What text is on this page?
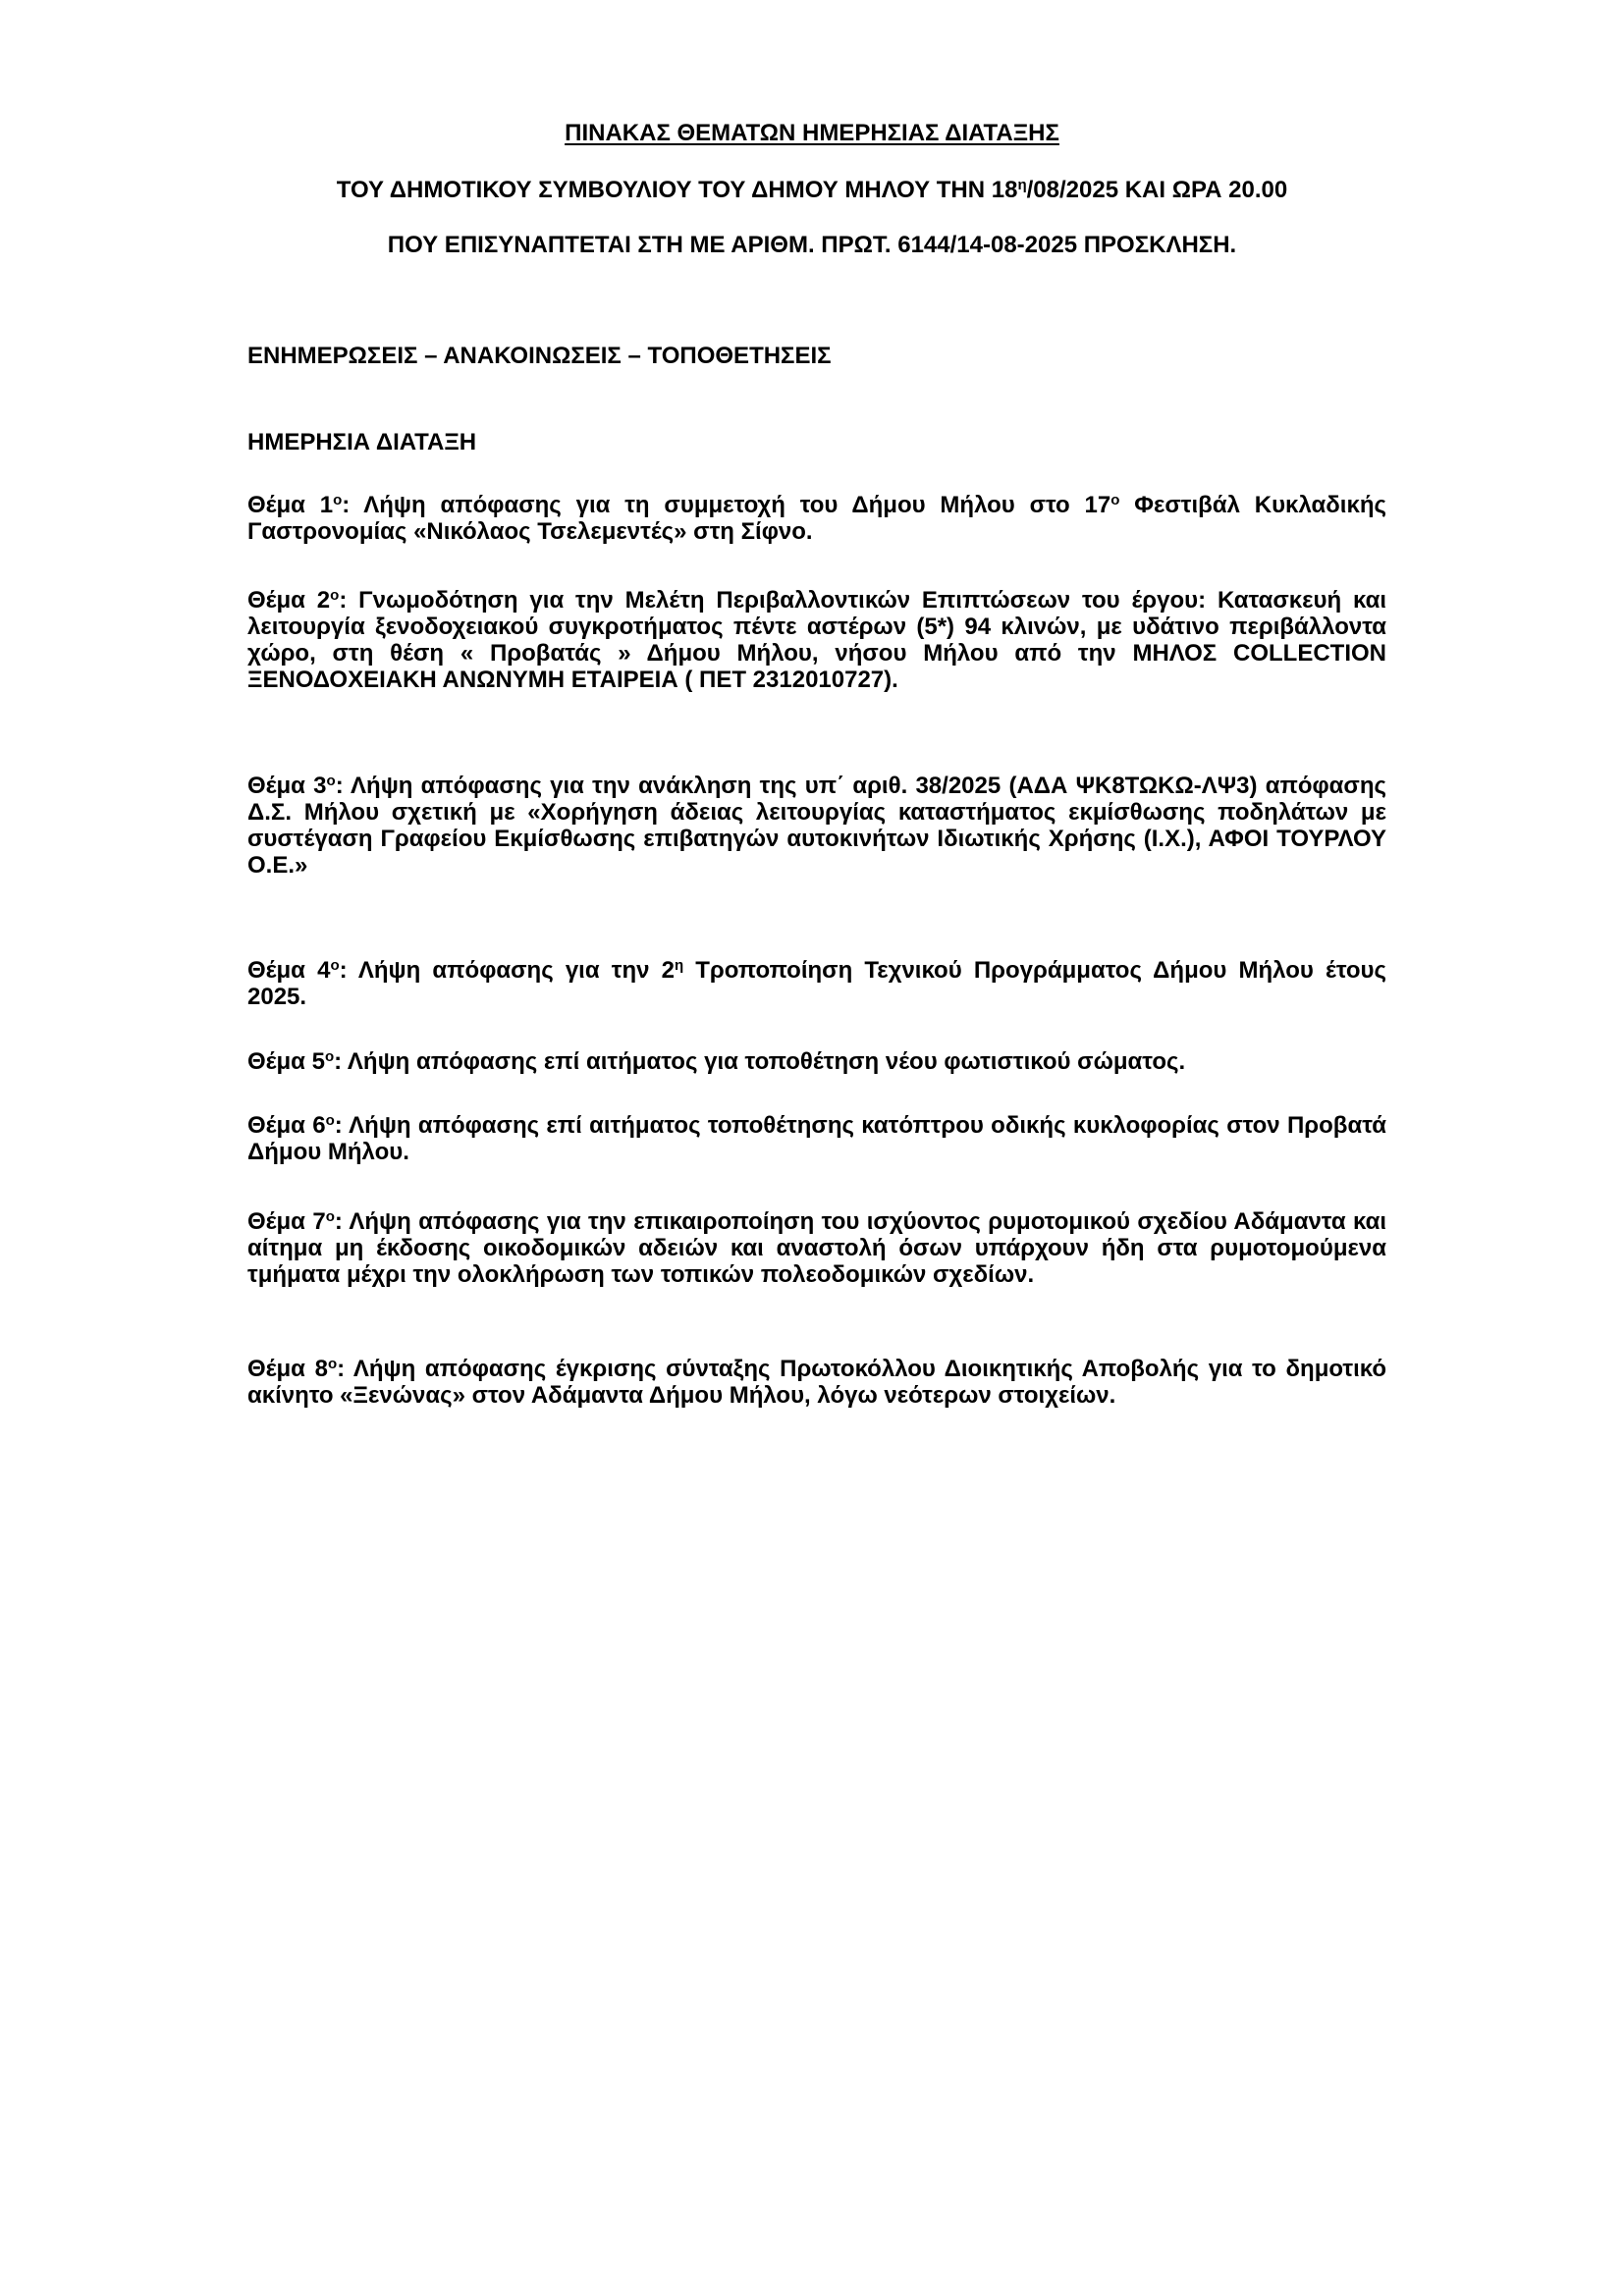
ΠΙΝΑΚΑΣ ΘΕΜΑΤΩΝ ΗΜΕΡΗΣΙΑΣ ΔΙΑΤΑΞΗΣ
ΤΟΥ ΔΗΜΟΤΙΚΟΥ ΣΥΜΒΟΥΛΙΟΥ ΤΟΥ ΔΗΜΟΥ ΜΗΛΟΥ ΤΗΝ $18^\eta/08/2025$ ΚΑΙ ΩΡΑ 20.00
ΠΟΥ ΕΠΙΣΥΝΑΠΤΕΤΑΙ ΣΤΗ ΜΕ ΑΡΙΘΜ. ΠΡΩΤ. 6144/14-08-2025 ΠΡΟΣΚΛΗΣΗ.
ΕΝΗΜΕΡΩΣΕΙΣ – ΑΝΑΚΟΙΝΩΣΕΙΣ – ΤΟΠΟΘΕΤΗΣΕΙΣ
ΗΜΕΡΗΣΙΑ ΔΙΑΤΑΞΗ
Θέμα $1^o$: Λήψη απόφασης για τη συμμετοχή του Δήμου Μήλου στο $17^o$ Φεστιβάλ Κυκλαδικής Γαστρονομίας «Νικόλαος Τσελεμεντές» στη Σίφνο.
Θέμα $2^o$: Γνωμοδότηση για την Μελέτη Περιβαλλοντικών Επιπτώσεων του έργου: Κατασκευή και λειτουργία ξενοδοχειακού συγκροτήματος πέντε αστέρων (5*) 94 κλινών, με υδάτινο περιβάλλοντα χώρο, στη θέση « Προβατάς » Δήμου Μήλου, νήσου Μήλου από την ΜΗΛΟΣ COLLECTION ΞΕΝΟΔΟΧΕΙΑΚΗ ΑΝΩΝΥΜΗ ΕΤΑΙΡΕΙΑ ( ΠΕΤ 2312010727).
Θέμα $3^o$: Λήψη απόφασης για την ανάκληση της υπ΄ αριθ. 38/2025 (ΑΔΑ ΨΚ8ΤΩΚΩ-ΛΨ3) απόφασης Δ.Σ. Μήλου σχετική με «Χορήγηση άδειας λειτουργίας καταστήματος εκμίσθωσης ποδηλάτων με συστέγαση Γραφείου Εκμίσθωσης επιβατηγών αυτοκινήτων Ιδιωτικής Χρήσης (Ι.Χ.), ΑΦΟΙ ΤΟΥΡΛΟΥ Ο.Ε.»
Θέμα $4^o$: Λήψη απόφασης για την $2^\eta$ Τροποποίηση Τεχνικού Προγράμματος Δήμου Μήλου έτους 2025.
Θέμα $5^o$: Λήψη απόφασης επί αιτήματος για τοποθέτηση νέου φωτιστικού σώματος.
Θέμα $6^o$: Λήψη απόφασης επί αιτήματος τοποθέτησης κατόπτρου οδικής κυκλοφορίας στον Προβατά Δήμου Μήλου.
Θέμα $7^o$: Λήψη απόφασης για την επικαιροποίηση του ισχύοντος ρυμοτομικού σχεδίου Αδάμαντα και αίτημα μη έκδοσης οικοδομικών αδειών και αναστολή όσων υπάρχουν ήδη στα ρυμοτομούμενα τμήματα μέχρι την ολοκλήρωση των τοπικών πολεοδομικών σχεδίων.
Θέμα $8^o$: Λήψη απόφασης έγκρισης σύνταξης Πρωτοκόλλου Διοικητικής Αποβολής για το δημοτικό ακίνητο «Ξενώνας» στον Αδάμαντα Δήμου Μήλου, λόγω νεότερων στοιχείων.
